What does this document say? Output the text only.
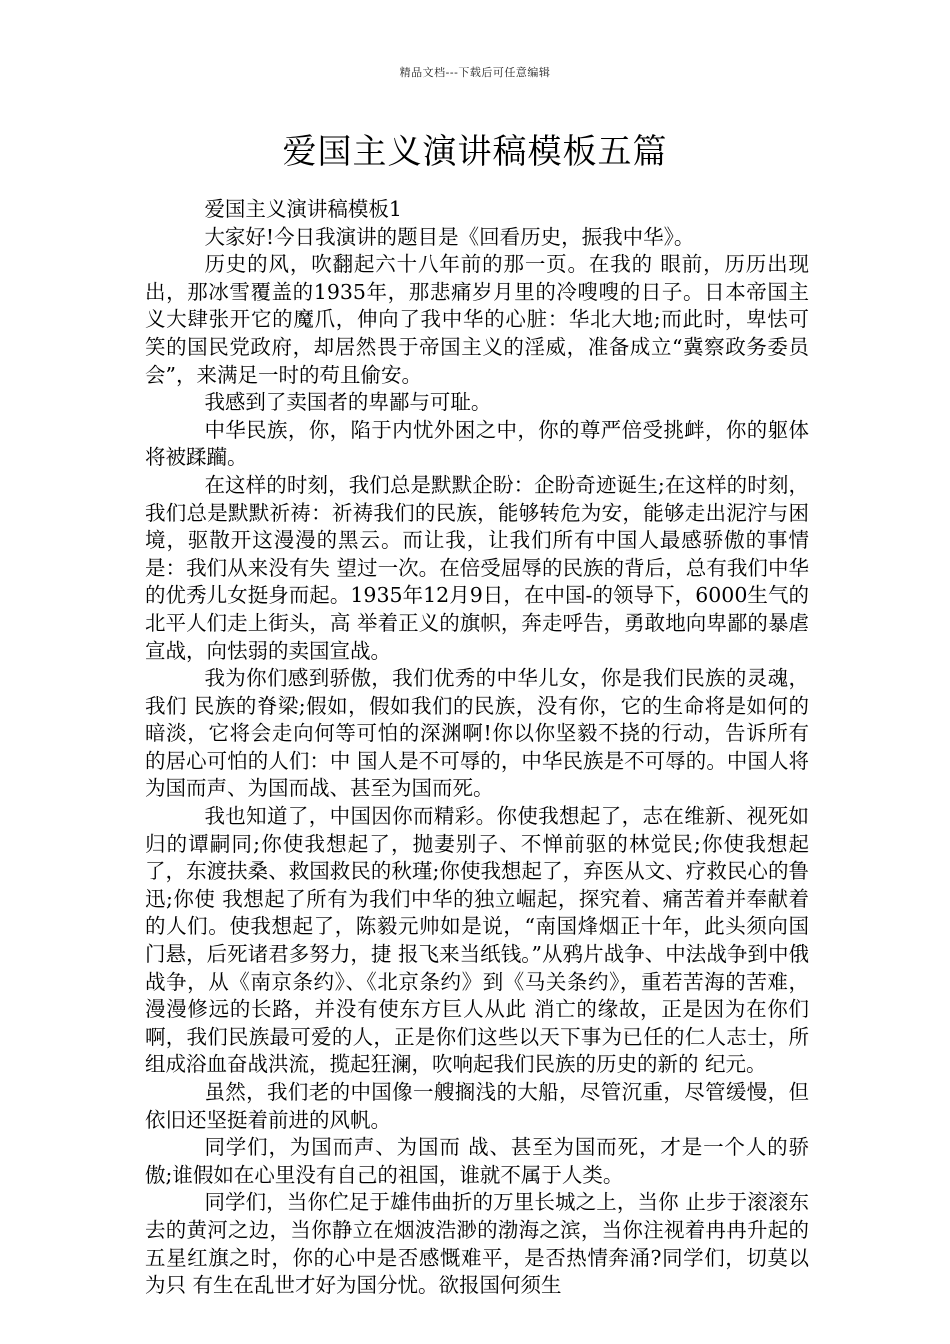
精品文档---下载后可任意编辑
爱国主义演讲稿模板五篇

爱国主义演讲稿模板1

大家好!今日我演讲的题目是《回看历史，振我中华》。

历史的风，吹翻起六十八年前的那一页。在我的 眼前，历历出现出，那冰雪覆盖的1935年，那悲痛岁月里的冷嗖嗖的日子。日本帝国主义大肆张开它的魔爪，伸向了我中华的心脏：华北大地;而此时，卑怯可 笑的国民党政府，却居然畏于帝国主义的淫威，准备成立“冀察政务委员会”，来满足一时的苟且偷安。

我感到了卖国者的卑鄙与可耻。

中华民族，你，陷于内忧外困之中，你的尊严倍受挑衅，你的躯体将被蹂躏。

在这样的时刻，我们总是默默企盼：企盼奇迹诞生;在这样的时刻， 我们总是默默祈祷：祈祷我们的民族，能够转危为安，能够走出泥泞与困境，驱散开这漫漫的黑云。而让我，让我们所有中国人最感骄傲的事情是：我们从来没有失 望过一次。在倍受屈辱的民族的背后，总有我们中华的优秀儿女挺身而起。1935年12月9日，在中国-的领导下，6000生气的北平人们走上街头，高 举着正义的旗帜，奔走呼告，勇敢地向卑鄙的暴虐宣战，向怯弱的卖国宣战。

我为你们感到骄傲，我们优秀的中华儿女，你是我们民族的灵魂，我们 民族的脊梁;假如，假如我们的民族，没有你，它的生命将是如何的暗淡，它将会走向何等可怕的深渊啊!你以你坚毅不挠的行动，告诉所有的居心可怕的人们：中 国人是不可辱的，中华民族是不可辱的。中国人将为国而声、为国而战、甚至为国而死。

我也知道了，中国因你而精彩。你使我想起了，志在维新、视死如归的谭嗣同;你使我想起了，抛妻别子、不惮前驱的林觉民;你使我想起了，东渡扶桑、救国救民的秋瑾;你使我想起了，弃医从文、疗救民心的鲁迅;你使 我想起了所有为我们中华的独立崛起，探究着、痛苦着并奉献着的人们。使我想起了，陈毅元帅如是说，“南国烽烟正十年，此头须向国门悬，后死诸君多努力，捷 报飞来当纸钱。”从鸦片战争、中法战争到中俄战争，从《南京条约》、《北京条约》到《马关条约》，重若苦海的苦难，漫漫修远的长路，并没有使东方巨人从此 消亡的缘故，正是因为在你们啊，我们民族最可爱的人，正是你们这些以天下事为已任的仁人志士，所组成浴血奋战洪流，揽起狂澜，吹响起我们民族的历史的新的 纪元。

虽然，我们老的中国像一艘搁浅的大船，尽管沉重，尽管缓慢，但依旧还坚挺着前进的风帆。

同学们，为国而声、为国而 战、甚至为国而死，才是一个人的骄傲;谁假如在心里没有自己的祖国，谁就不属于人类。

同学们，当你伫足于雄伟曲折的万里长城之上，当你 止步于滚滚东去的黄河之边，当你静立在烟波浩渺的渤海之滨，当你注视着冉冉升起的五星红旗之时，你的心中是否感慨难平，是否热情奔涌?同学们，切莫以为只 有生在乱世才好为国分忧。欲报国何须生
